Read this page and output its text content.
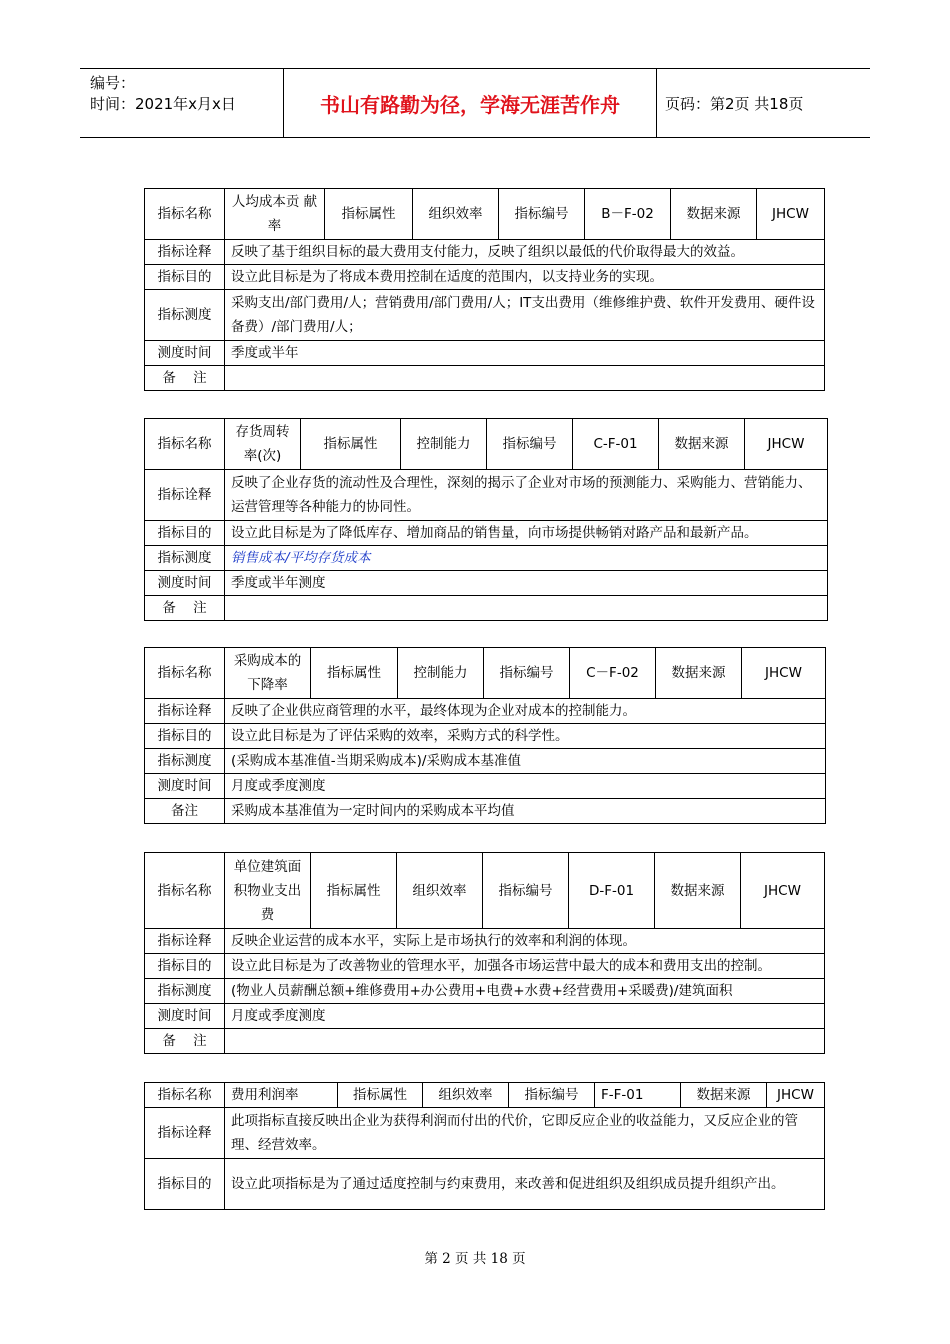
编号：
时间：2021年x月x日	书山有路勤为径，学海无涯苦作舟	页码：第2页 共18页
指标名称	人均成本贡 献 率	指标属性	组织效率	指标编号	B－F-02	数据来源	JHCW
指标诠释	反映了基于组织目标的最大费用支付能力，反映了组织以最低的代价取得最大的效益。						
指标目的	设立此目标是为了将成本费用控制在适度的范围内，以支持业务的实现。						
指标测度	采购支出/部门费用/人；营销费用/部门费用/人；IT支出费用（维修维护费、软件开发费用、硬件设备费）/部门费用/人；						
测度时间	季度或半年						
备    注							
指标名称	存货周转率(次)	指标属性	控制能力	指标编号	C-F-01	数据来源	JHCW
指标诠释	反映了企业存货的流动性及合理性，深刻的揭示了企业对市场的预测能力、采购能力、营销能力、运营管理等各种能力的协同性。						
指标目的	设立此目标是为了降低库存、增加商品的销售量，向市场提供畅销对路产品和最新产品。						
指标测度	销售成本/平均存货成本						
测度时间	季度或半年测度						
备    注							
指标名称	采购成本的下降率	指标属性	控制能力	指标编号	C－F-02	数据来源	JHCW
指标诠释	反映了企业供应商管理的水平，最终体现为企业对成本的控制能力。						
指标目的	设立此目标是为了评估采购的效率，采购方式的科学性。						
指标测度	(采购成本基准值-当期采购成本)/采购成本基准值						
测度时间	月度或季度测度						
备注	采购成本基准值为一定时间内的采购成本平均值						
指标名称	单位建筑面积物业支出费	指标属性	组织效率	指标编号	D-F-01	数据来源	JHCW
指标诠释	反映企业运营的成本水平，实际上是市场执行的效率和利润的体现。						
指标目的	设立此目标是为了改善物业的管理水平，加强各市场运营中最大的成本和费用支出的控制。						
指标测度	(物业人员薪酬总额+维修费用+办公费用+电费+水费+经营费用+采暖费)/建筑面积						
测度时间	月度或季度测度						
备    注							
指标名称	费用利润率	指标属性	组织效率	指标编号	F-F-01	数据来源	JHCW
指标诠释	此项指标直接反映出企业为获得利润而付出的代价，它即反应企业的收益能力，又反应企业的管理、经营效率。						
指标目的	设立此项指标是为了通过适度控制与约束费用，来改善和促进组织及组织成员提升组织产出。						
第 2 页 共 18 页
